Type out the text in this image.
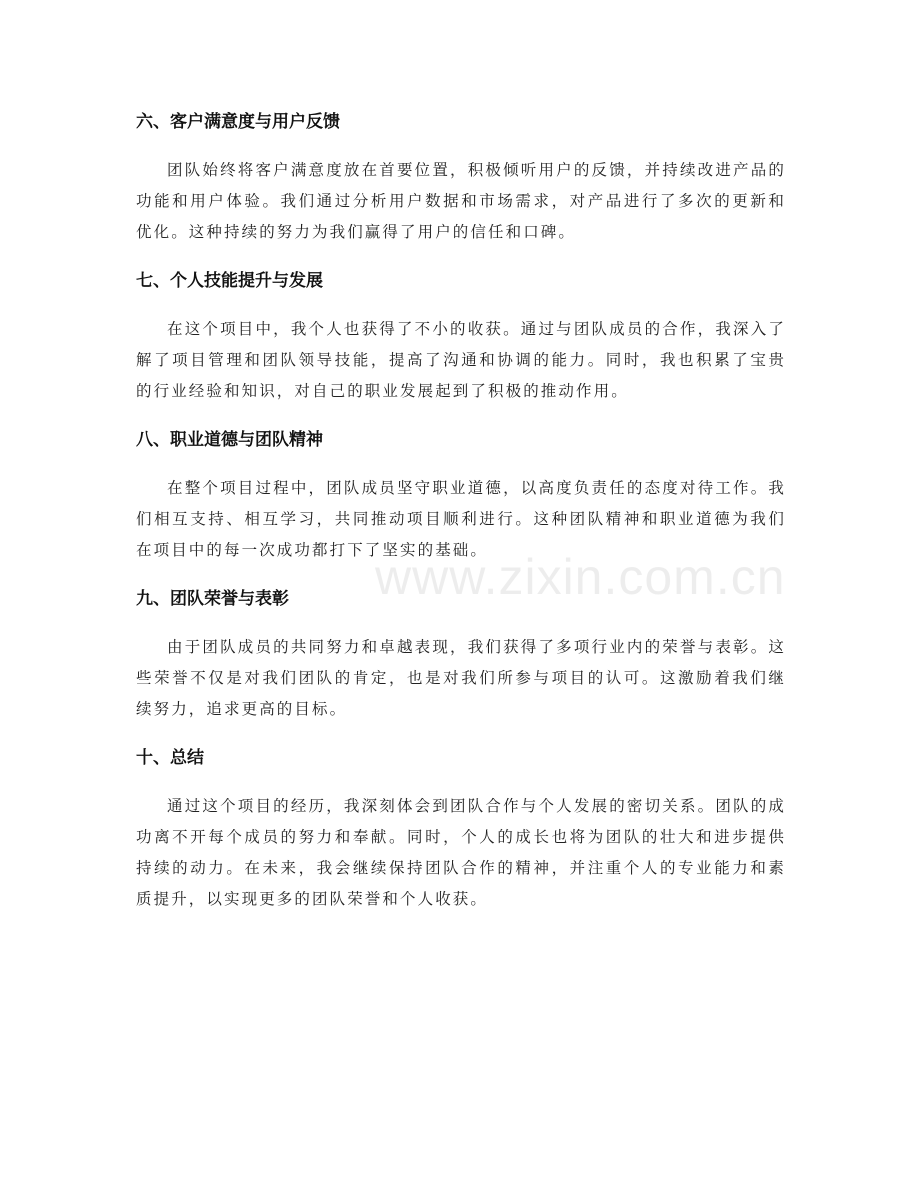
www.zixin.com.cn
六、客户满意度与用户反馈

团队始终将客户满意度放在首要位置，积极倾听用户的反馈，并持续改进产品的功能和用户体验。我们通过分析用户数据和市场需求，对产品进行了多次的更新和优化。这种持续的努力为我们赢得了用户的信任和口碑。

七、个人技能提升与发展

在这个项目中，我个人也获得了不小的收获。通过与团队成员的合作，我深入了解了项目管理和团队领导技能，提高了沟通和协调的能力。同时，我也积累了宝贵的行业经验和知识，对自己的职业发展起到了积极的推动作用。

八、职业道德与团队精神

在整个项目过程中，团队成员坚守职业道德，以高度负责任的态度对待工作。我们相互支持、相互学习，共同推动项目顺利进行。这种团队精神和职业道德为我们在项目中的每一次成功都打下了坚实的基础。

九、团队荣誉与表彰

由于团队成员的共同努力和卓越表现，我们获得了多项行业内的荣誉与表彰。这些荣誉不仅是对我们团队的肯定，也是对我们所参与项目的认可。这激励着我们继续努力，追求更高的目标。

十、总结

通过这个项目的经历，我深刻体会到团队合作与个人发展的密切关系。团队的成功离不开每个成员的努力和奉献。同时，个人的成长也将为团队的壮大和进步提供持续的动力。在未来，我会继续保持团队合作的精神，并注重个人的专业能力和素质提升，以实现更多的团队荣誉和个人收获。
